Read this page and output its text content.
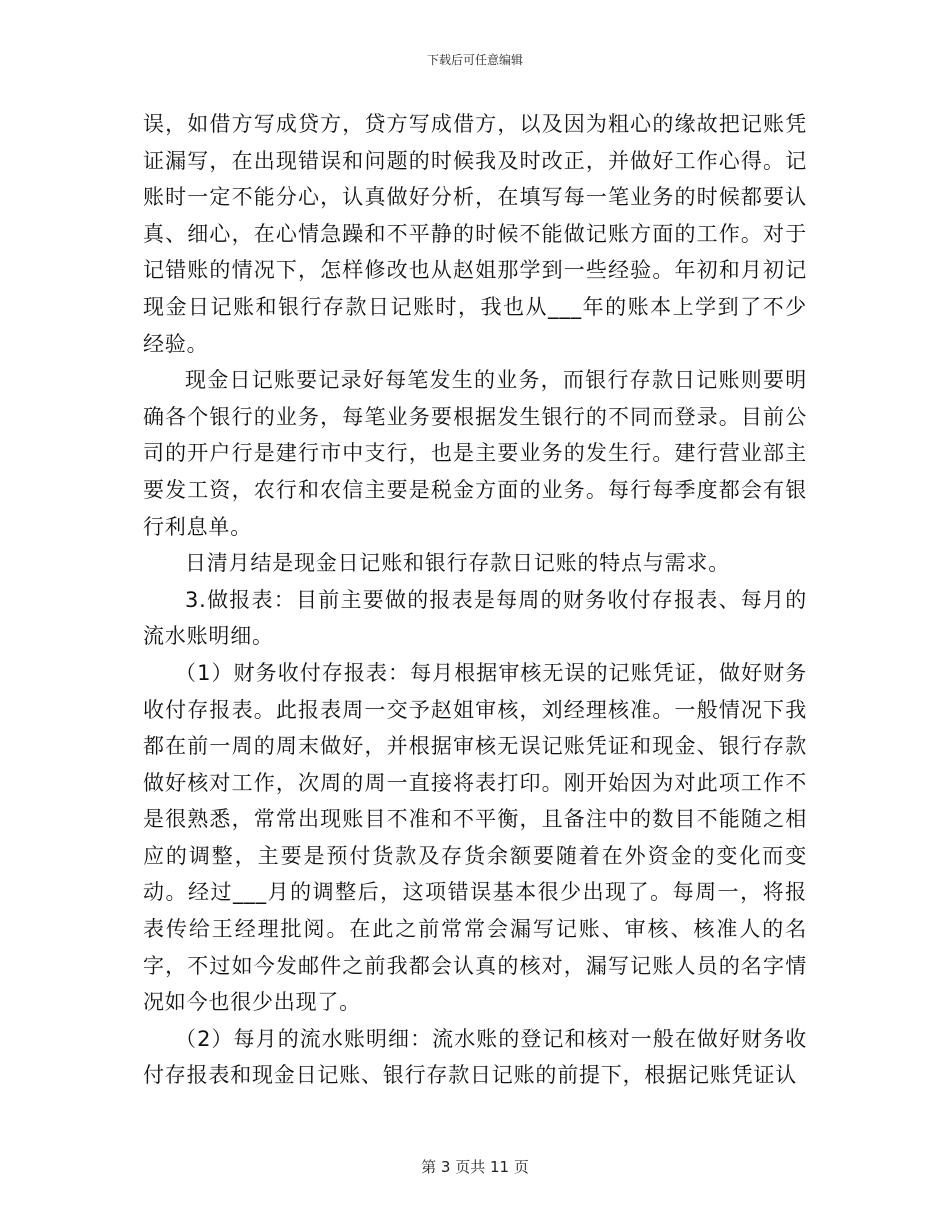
下载后可任意编辑

误，如借方写成贷方，贷方写成借方，以及因为粗心的缘故把记账凭证漏写，在出现错误和问题的时候我及时改正，并做好工作心得。记账时一定不能分心，认真做好分析，在填写每一笔业务的时候都要认真、细心，在心情急躁和不平静的时候不能做记账方面的工作。对于记错账的情况下，怎样修改也从赵姐那学到一些经验。年初和月初记现金日记账和银行存款日记账时，我也从___年的账本上学到了不少经验。

现金日记账要记录好每笔发生的业务，而银行存款日记账则要明确各个银行的业务，每笔业务要根据发生银行的不同而登录。目前公司的开户行是建行市中支行，也是主要业务的发生行。建行营业部主要发工资，农行和农信主要是税金方面的业务。每行每季度都会有银行利息单。

日清月结是现金日记账和银行存款日记账的特点与需求。

3.做报表：目前主要做的报表是每周的财务收付存报表、每月的流水账明细。

（1）财务收付存报表：每月根据审核无误的记账凭证，做好财务收付存报表。此报表周一交予赵姐审核，刘经理核准。一般情况下我都在前一周的周末做好，并根据审核无误记账凭证和现金、银行存款做好核对工作，次周的周一直接将表打印。刚开始因为对此项工作不是很熟悉，常常出现账目不准和不平衡，且备注中的数目不能随之相应的调整，主要是预付货款及存货余额要随着在外资金的变化而变动。经过___月的调整后，这项错误基本很少出现了。每周一，将报表传给王经理批阅。在此之前常常会漏写记账、审核、核准人的名字，不过如今发邮件之前我都会认真的核对，漏写记账人员的名字情况如今也很少出现了。

（2）每月的流水账明细：流水账的登记和核对一般在做好财务收付存报表和现金日记账、银行存款日记账的前提下，根据记账凭证认

第 3 页共 11 页
